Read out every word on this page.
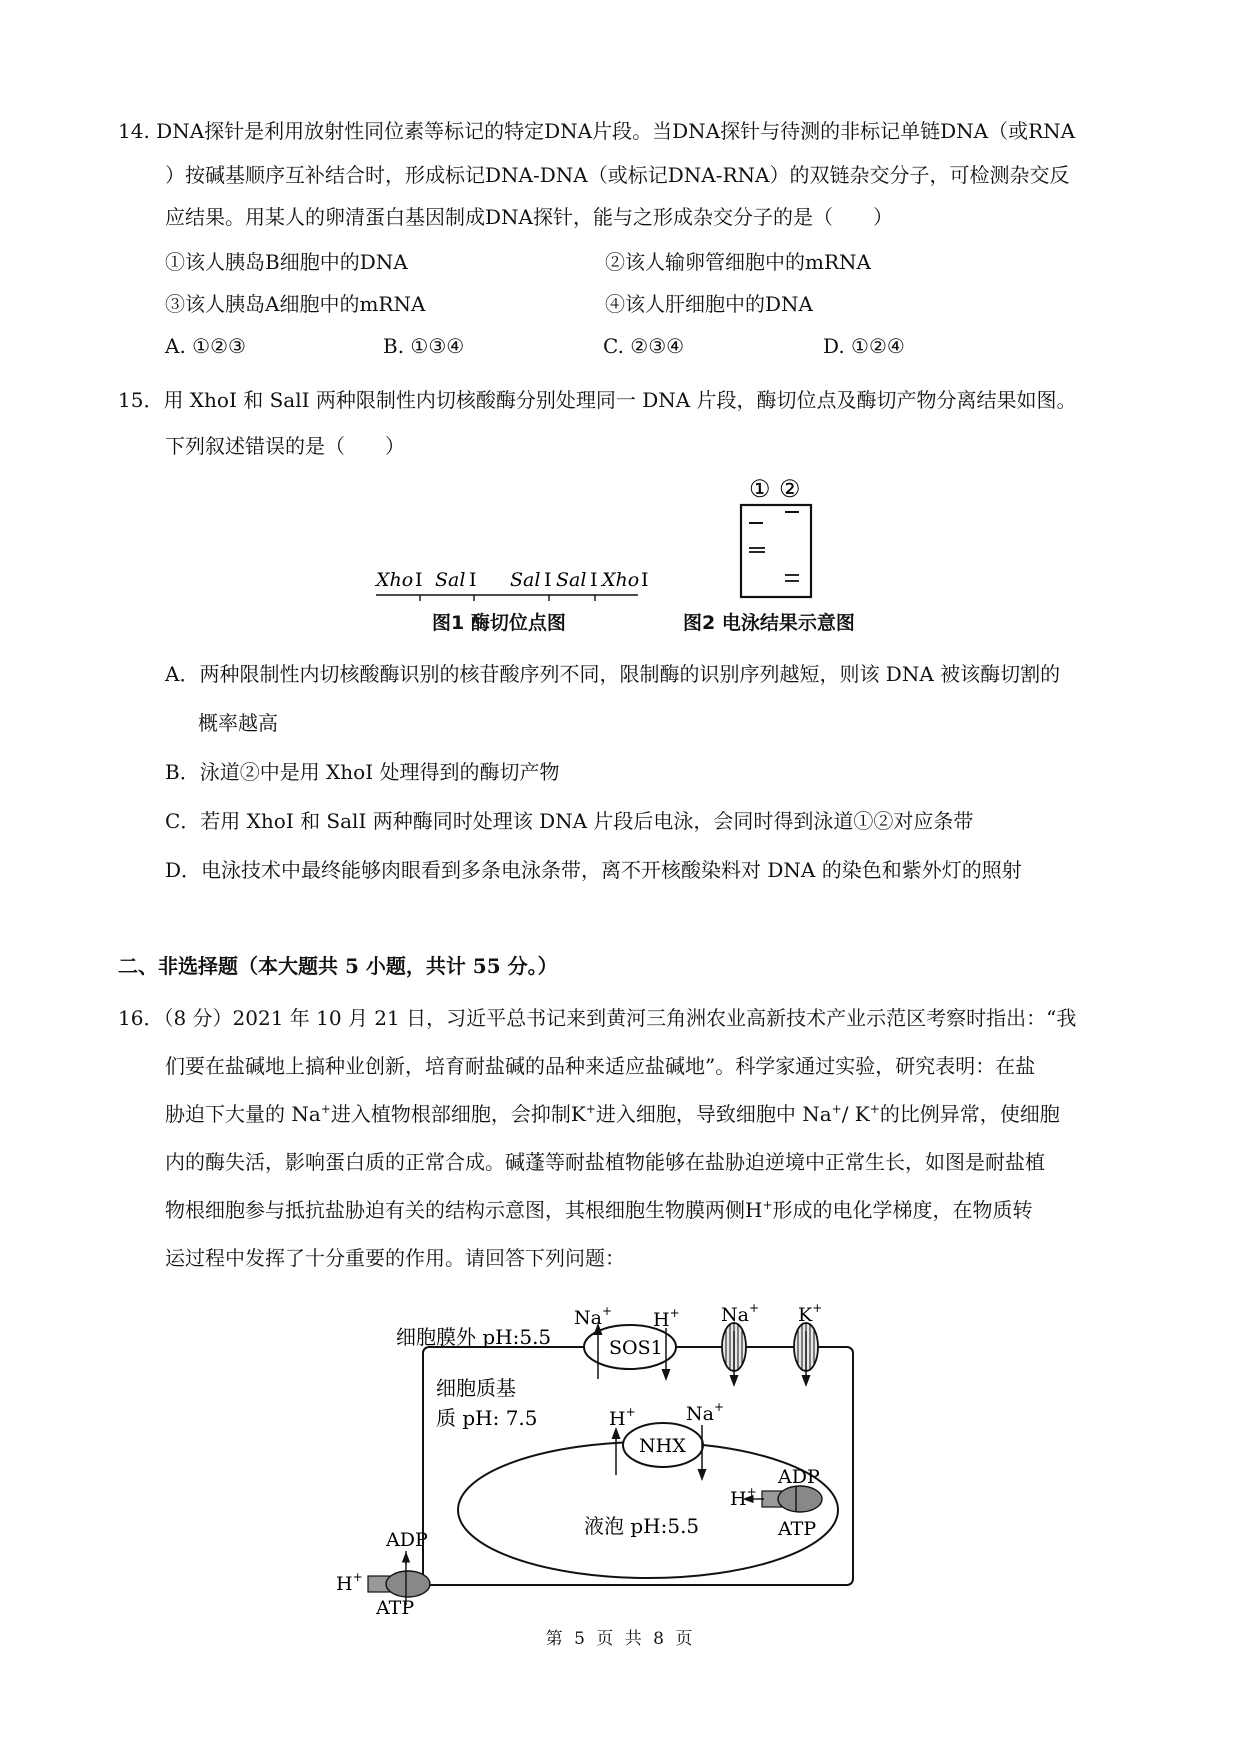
14. DNA探针是利用放射性同位素等标记的特定DNA片段。当DNA探针与待测的非标记单链DNA（或RNA
）按碱基顺序互补结合时，形成标记DNA-DNA（或标记DNA-RNA）的双链杂交分子，可检测杂交反
应结果。用某人的卵清蛋白基因制成DNA探针，能与之形成杂交分子的是（　　）
①该人胰岛B细胞中的DNA	②该人输卵管细胞中的mRNA
③该人胰岛A细胞中的mRNA	④该人肝细胞中的DNA
A. ①②③	B. ①③④	C. ②③④	D. ①②④
15．用 XhoI 和 SalI 两种限制性内切核酸酶分别处理同一 DNA 片段，酶切位点及酶切产物分离结果如图。
下列叙述错误的是（　　）
Xho I Sal I Sal I Sal I Xho I
图1 酶切位点图
① ②
图2 电泳结果示意图
A．两种限制性内切核酸酶识别的核苷酸序列不同，限制酶的识别序列越短，则该 DNA 被该酶切割的
概率越高
B．泳道②中是用 XhoI 处理得到的酶切产物
C．若用 XhoI 和 SalI 两种酶同时处理该 DNA 片段后电泳，会同时得到泳道①②对应条带
D．电泳技术中最终能够肉眼看到多条电泳条带，离不开核酸染料对 DNA 的染色和紫外灯的照射
二、非选择题（本大题共 5 小题，共计 55 分。）
16．（8 分）2021 年 10 月 21 日，习近平总书记来到黄河三角洲农业高新技术产业示范区考察时指出：“我
们要在盐碱地上搞种业创新，培育耐盐碱的品种来适应盐碱地”。科学家通过实验，研究表明：在盐
胁迫下大量的 Na+进入植物根部细胞，会抑制K+进入细胞，导致细胞中 Na+/ K+的比例异常，使细胞
内的酶失活，影响蛋白质的正常合成。碱蓬等耐盐植物能够在盐胁迫逆境中正常生长，如图是耐盐植
物根细胞参与抵抗盐胁迫有关的结构示意图，其根细胞生物膜两侧H+形成的电化学梯度，在物质转
运过程中发挥了十分重要的作用。请回答下列问题：
细胞膜外 pH:5.5
细胞质基
质 pH: 7.5
液泡 pH:5.5
SOS1
Na+ H+ Na+ K+
NHX
H+	Na+
ADP
ATP
H+
ADP
ATP
H+
第 5 页 共 8 页
